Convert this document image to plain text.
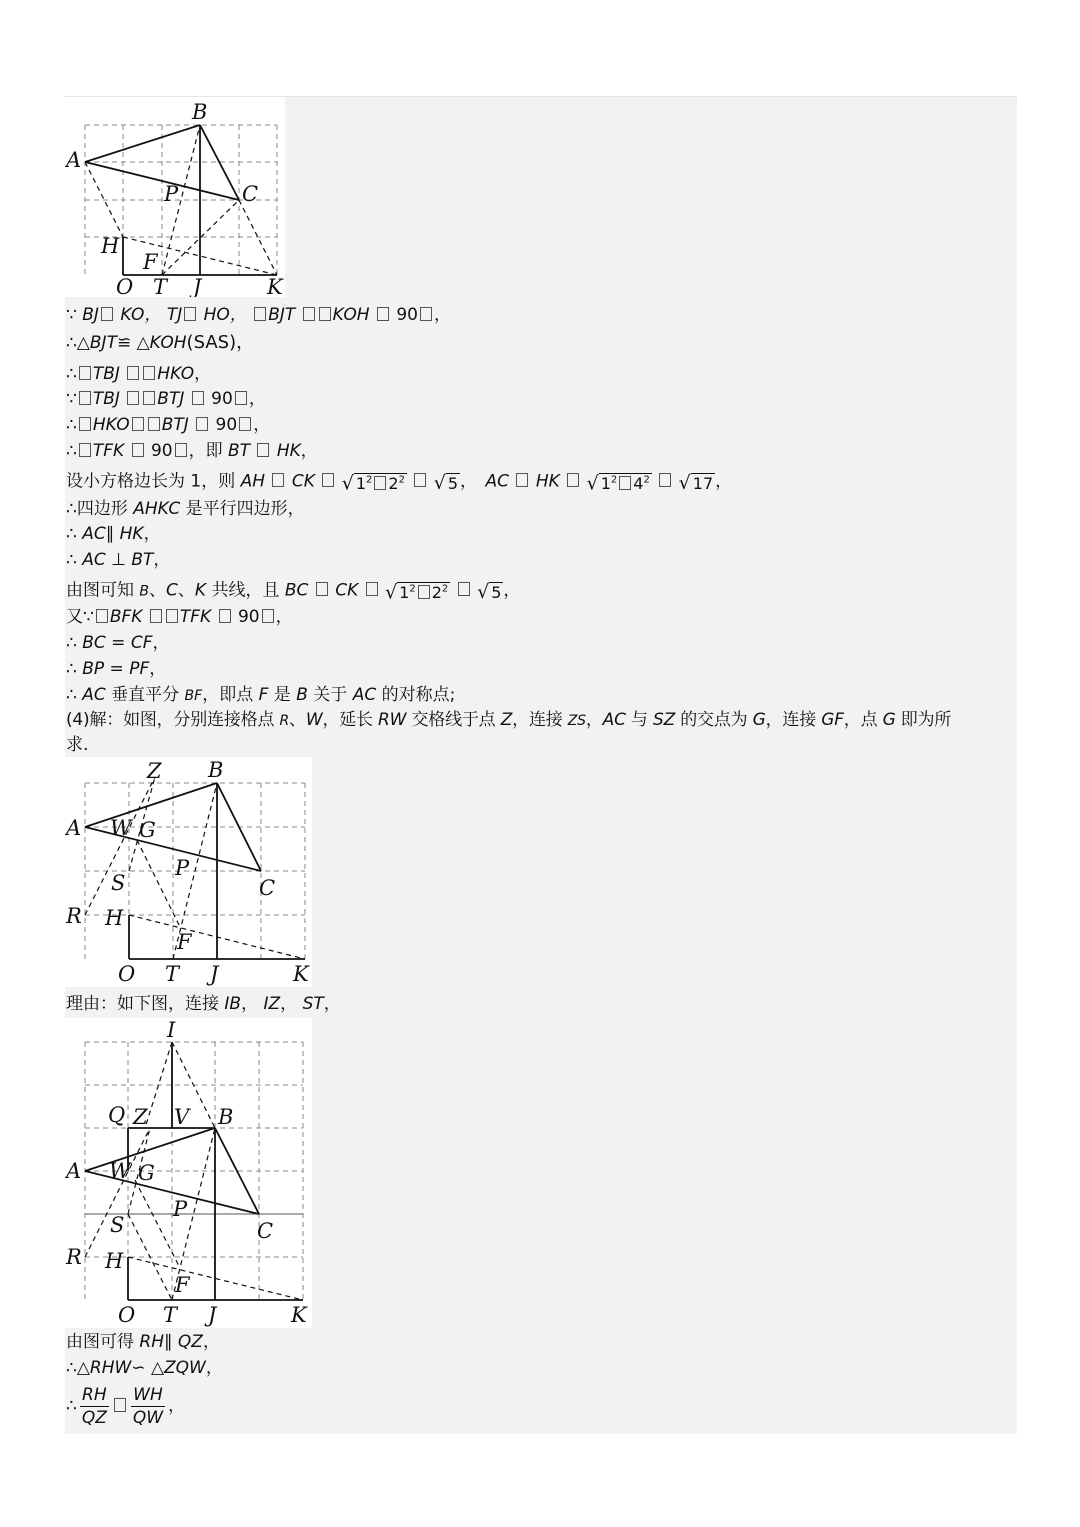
B
A
C
P
H
F
O T J	K
∵ BJ KO， TJ HO， BJT KOH  90 ，
∴△BJT≌ △KOH(SAS)，
∴ TBJ HKO，
∵ TBJ BTJ  90 ，
∴ HKO BTJ  90 ，
∴ TFK  90 ，即 BT HK，
设小方格边长为 1，则 AH CK √ $1^2$ $2^2$ √ 5 ，　 AC HK √ $1^2$ $4^2$ √ 17 ，
∴四边形 AHKC 是平行四边形，
∴ AC∥ HK，
∴ AC ⊥ BT，
由图可知 B、C、K 共线，且 BC CK √ $1^2$ $2^2$ √ 5 ，
又∵ BFK TFK  90 ，
∴ BC = CF，
∴ BP = PF，
∴ AC 垂直平分 BF，即点 F 是 B 关于 AC 的对称点;
(4)解：如图，分别连接格点 R、W，延长 RW 交格线于点 Z，连接 ZS，AC 与 SZ 的交点为 G，连接 GF，点 G 即为所
求.
Z B
A W G
P
C
S
R H
F
O T J	K
理由：如下图，连接 IB， IZ， ST，
I
Q Z V B
A W G
P
C
S
R H
F
O T J	K
由图可得 RH∥ QZ，
∴△RHW∽ △ZQW，
∴ $\frac{RH}{QZ} \frac{WH}{QW}$ ，
